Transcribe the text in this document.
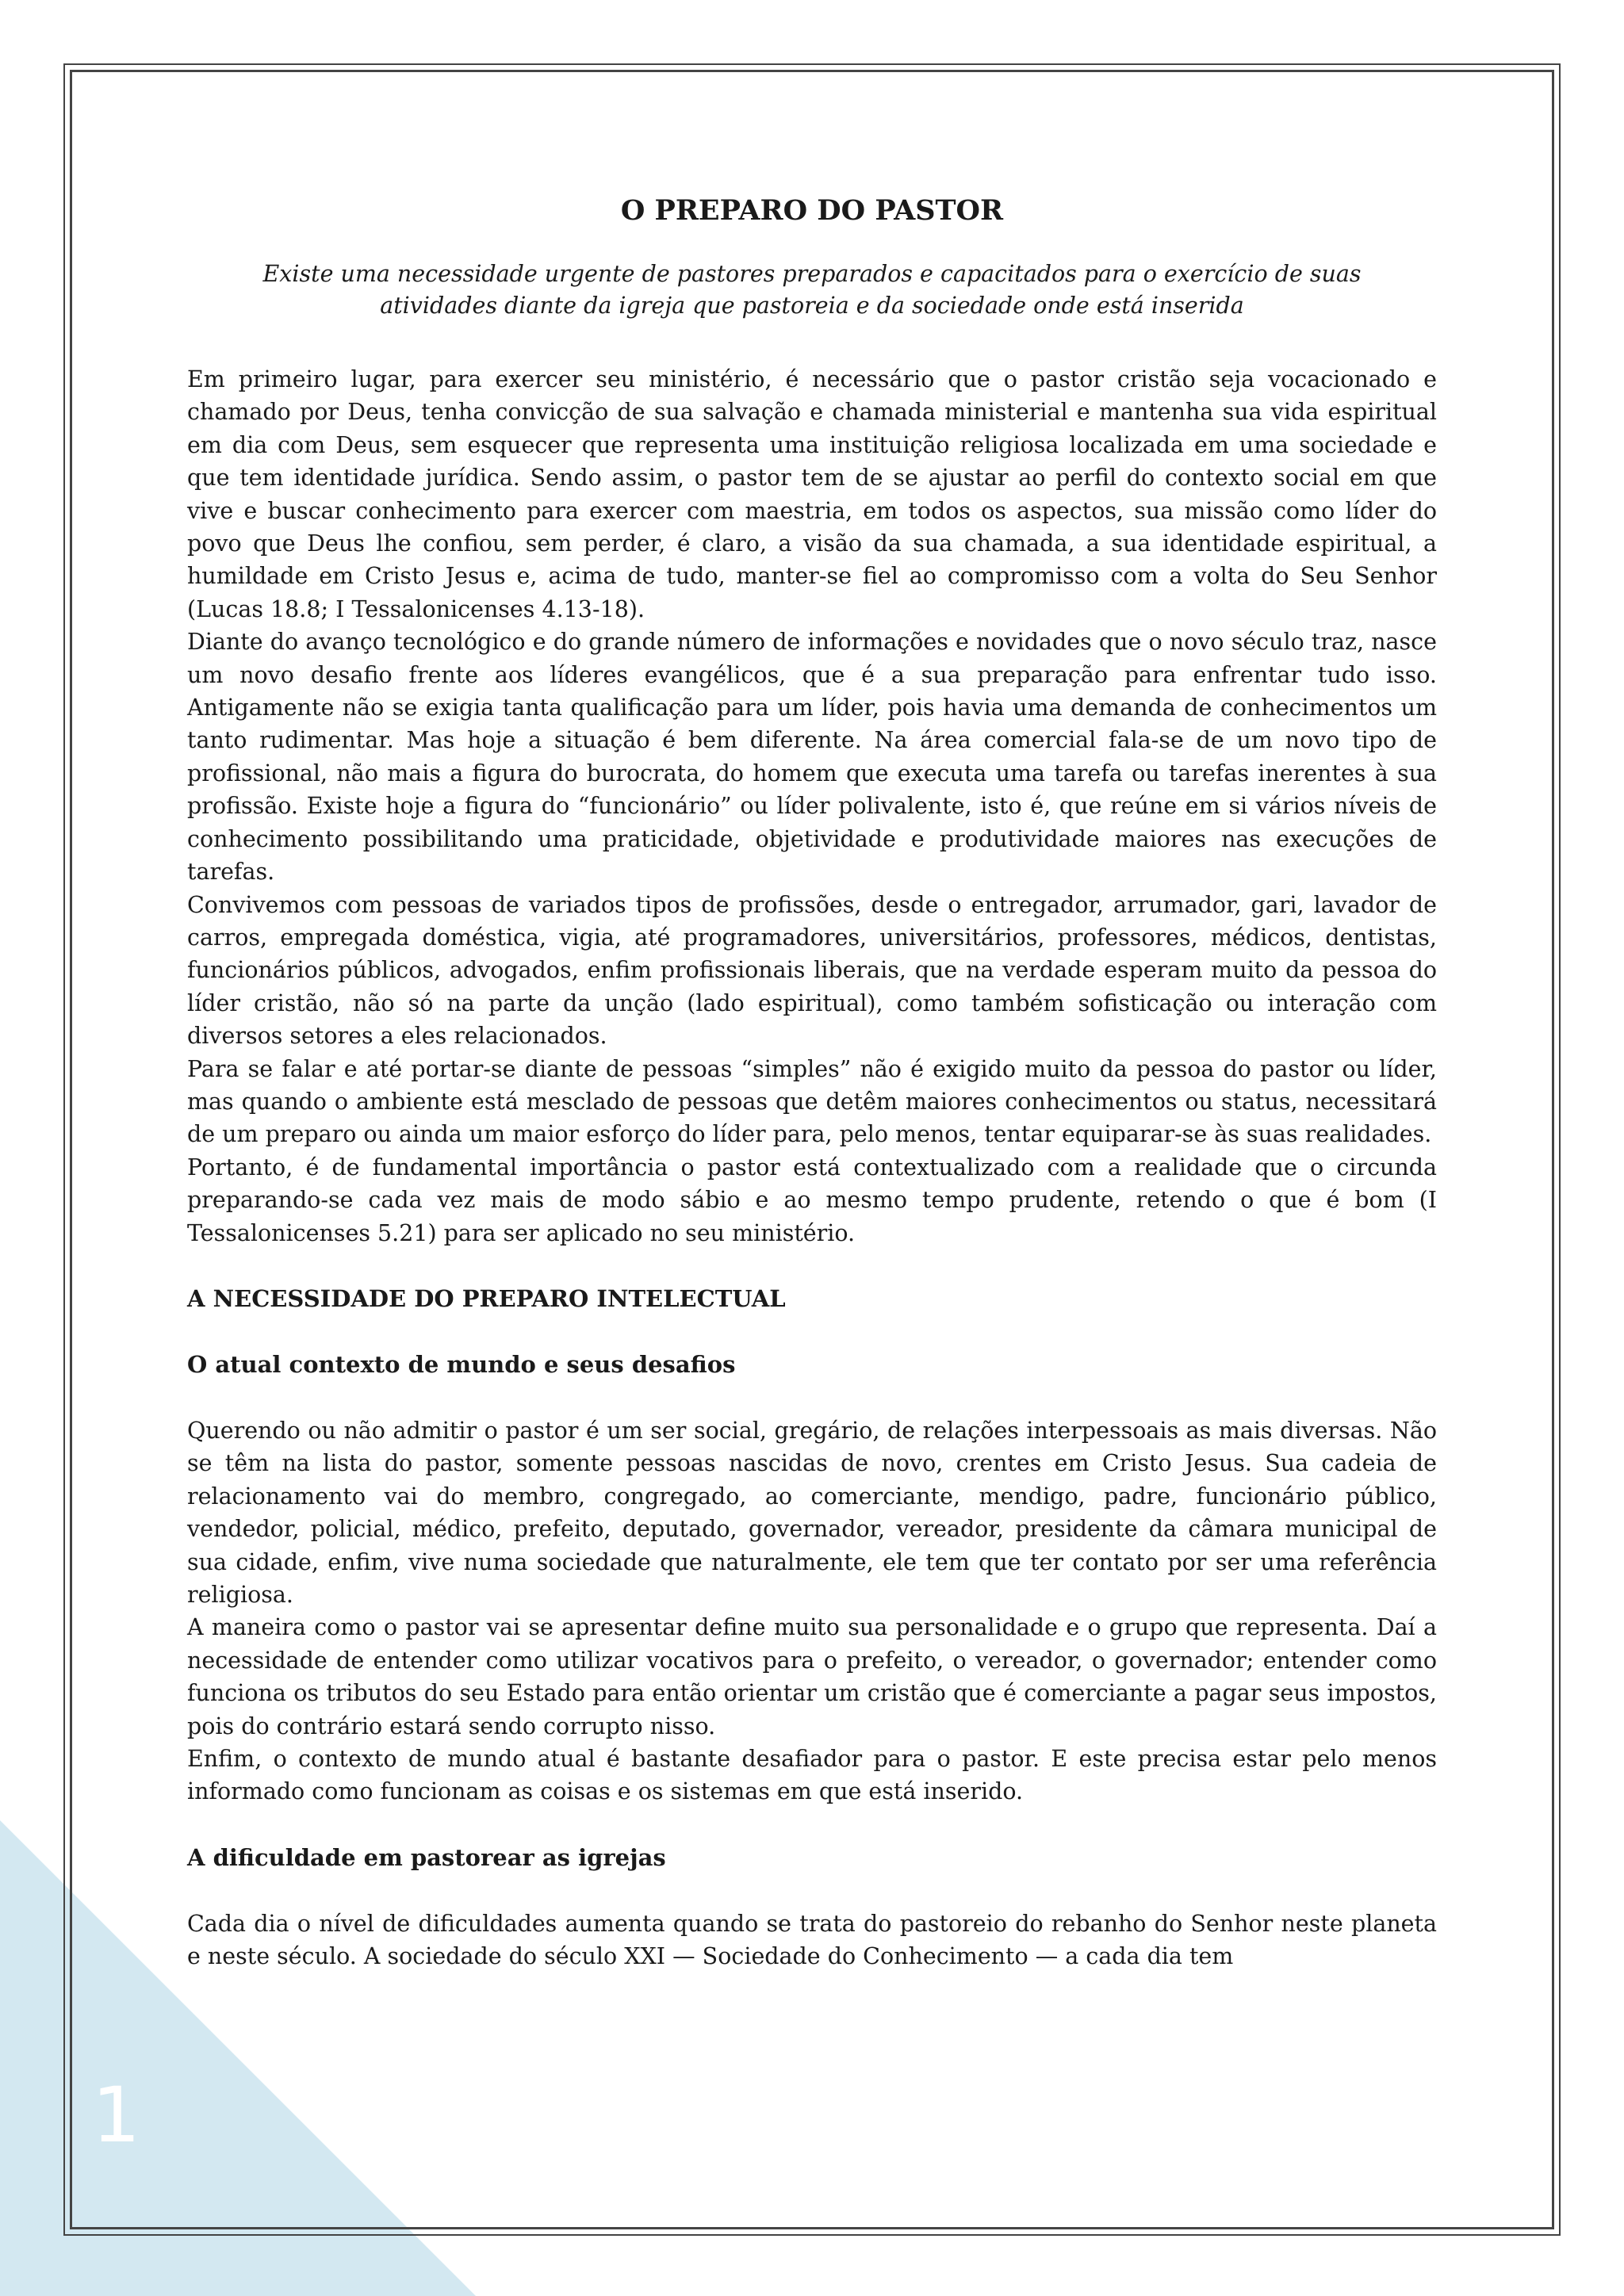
O PREPARO DO PASTOR

Existe uma necessidade urgente de pastores preparados e capacitados para o exercício de suas atividades diante da igreja que pastoreia e da sociedade onde está inserida

Em primeiro lugar, para exercer seu ministério, é necessário que o pastor cristão seja vocacionado e chamado por Deus, tenha convicção de sua salvação e chamada ministerial e mantenha sua vida espiritual em dia com Deus, sem esquecer que representa uma instituição religiosa localizada em uma sociedade e que tem identidade jurídica. Sendo assim, o pastor tem de se ajustar ao perfil do contexto social em que vive e buscar conhecimento para exercer com maestria, em todos os aspectos, sua missão como líder do povo que Deus lhe confiou, sem perder, é claro, a visão da sua chamada, a sua identidade espiritual, a humildade em Cristo Jesus e, acima de tudo, manter-se fiel ao compromisso com a volta do Seu Senhor (Lucas 18.8; I Tessalonicenses 4.13-18).

Diante do avanço tecnológico e do grande número de informações e novidades que o novo século traz, nasce um novo desafio frente aos líderes evangélicos, que é a sua preparação para enfrentar tudo isso. Antigamente não se exigia tanta qualificação para um líder, pois havia uma demanda de conhecimentos um tanto rudimentar. Mas hoje a situação é bem diferente. Na área comercial fala-se de um novo tipo de profissional, não mais a figura do burocrata, do homem que executa uma tarefa ou tarefas inerentes à sua profissão. Existe hoje a figura do “funcionário” ou líder polivalente, isto é, que reúne em si vários níveis de conhecimento possibilitando uma praticidade, objetividade e produtividade maiores nas execuções de tarefas.

Convivemos com pessoas de variados tipos de profissões, desde o entregador, arrumador, gari, lavador de carros, empregada doméstica, vigia, até programadores, universitários, professores, médicos, dentistas, funcionários públicos, advogados, enfim profissionais liberais, que na verdade esperam muito da pessoa do líder cristão, não só na parte da unção (lado espiritual), como também sofisticação ou interação com diversos setores a eles relacionados.

Para se falar e até portar-se diante de pessoas “simples” não é exigido muito da pessoa do pastor ou líder, mas quando o ambiente está mesclado de pessoas que detêm maiores conhecimentos ou status, necessitará de um preparo ou ainda um maior esforço do líder para, pelo menos, tentar equiparar-se às suas realidades.

Portanto, é de fundamental importância o pastor está contextualizado com a realidade que o circunda preparando-se cada vez mais de modo sábio e ao mesmo tempo prudente, retendo o que é bom (I Tessalonicenses 5.21) para ser aplicado no seu ministério.

A NECESSIDADE DO PREPARO INTELECTUAL

O atual contexto de mundo e seus desafios

Querendo ou não admitir o pastor é um ser social, gregário, de relações interpessoais as mais diversas. Não se têm na lista do pastor, somente pessoas nascidas de novo, crentes em Cristo Jesus. Sua cadeia de relacionamento vai do membro, congregado, ao comerciante, mendigo, padre, funcionário público, vendedor, policial, médico, prefeito, deputado, governador, vereador, presidente da câmara municipal de sua cidade, enfim, vive numa sociedade que naturalmente, ele tem que ter contato por ser uma referência religiosa.

A maneira como o pastor vai se apresentar define muito sua personalidade e o grupo que representa. Daí a necessidade de entender como utilizar vocativos para o prefeito, o vereador, o governador; entender como funciona os tributos do seu Estado para então orientar um cristão que é comerciante a pagar seus impostos, pois do contrário estará sendo corrupto nisso.

Enfim, o contexto de mundo atual é bastante desafiador para o pastor. E este precisa estar pelo menos informado como funcionam as coisas e os sistemas em que está inserido.

A dificuldade em pastorear as igrejas

Cada dia o nível de dificuldades aumenta quando se trata do pastoreio do rebanho do Senhor neste planeta e neste século. A sociedade do século XXI — Sociedade do Conhecimento — a cada dia tem

1
